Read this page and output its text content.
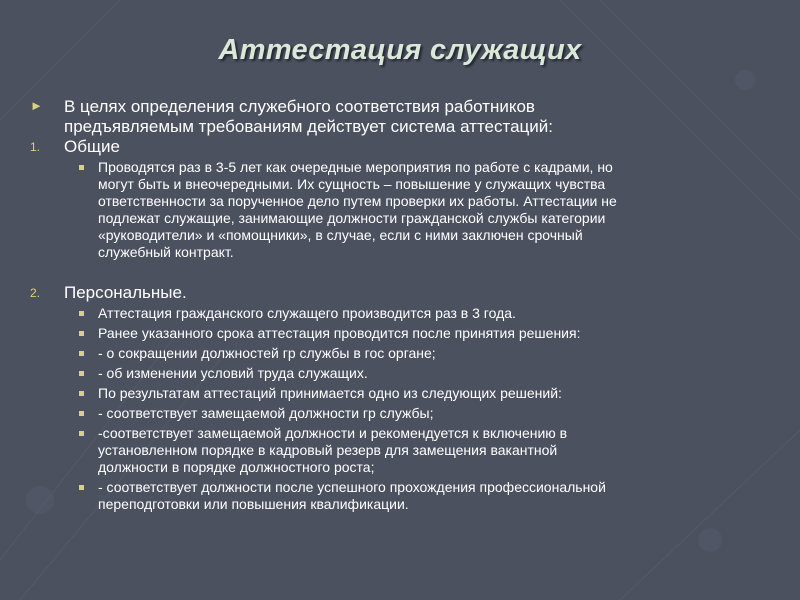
Аттестация служащих
► В целях определения служебного соответствия работников
предъявляемым требованиям действует система аттестаций:
1. Общие
Проводятся раз в 3-5 лет как очередные мероприятия по работе с кадрами, но
могут быть и внеочередными. Их сущность – повышение у служащих чувства
ответственности за порученное дело путем проверки их работы. Аттестации не
подлежат служащие, занимающие должности гражданской службы категории
«руководители» и «помощники», в случае, если с ними заключен срочный
служебный контракт.
2. Персональные.
Аттестация гражданского служащего производится раз в 3 года.
Ранее указанного срока аттестация проводится после принятия решения:
- о сокращении должностей гр службы в гос органе;
- об изменении условий труда служащих.
По результатам аттестаций принимается одно из следующих решений:
- соответствует замещаемой должности гр службы;
-соответствует замещаемой должности и рекомендуется к включению в
установленном порядке в кадровый резерв для замещения вакантной
должности в порядке должностного роста;
- соответствует должности после успешного прохождения профессиональной
переподготовки или повышения квалификации.
